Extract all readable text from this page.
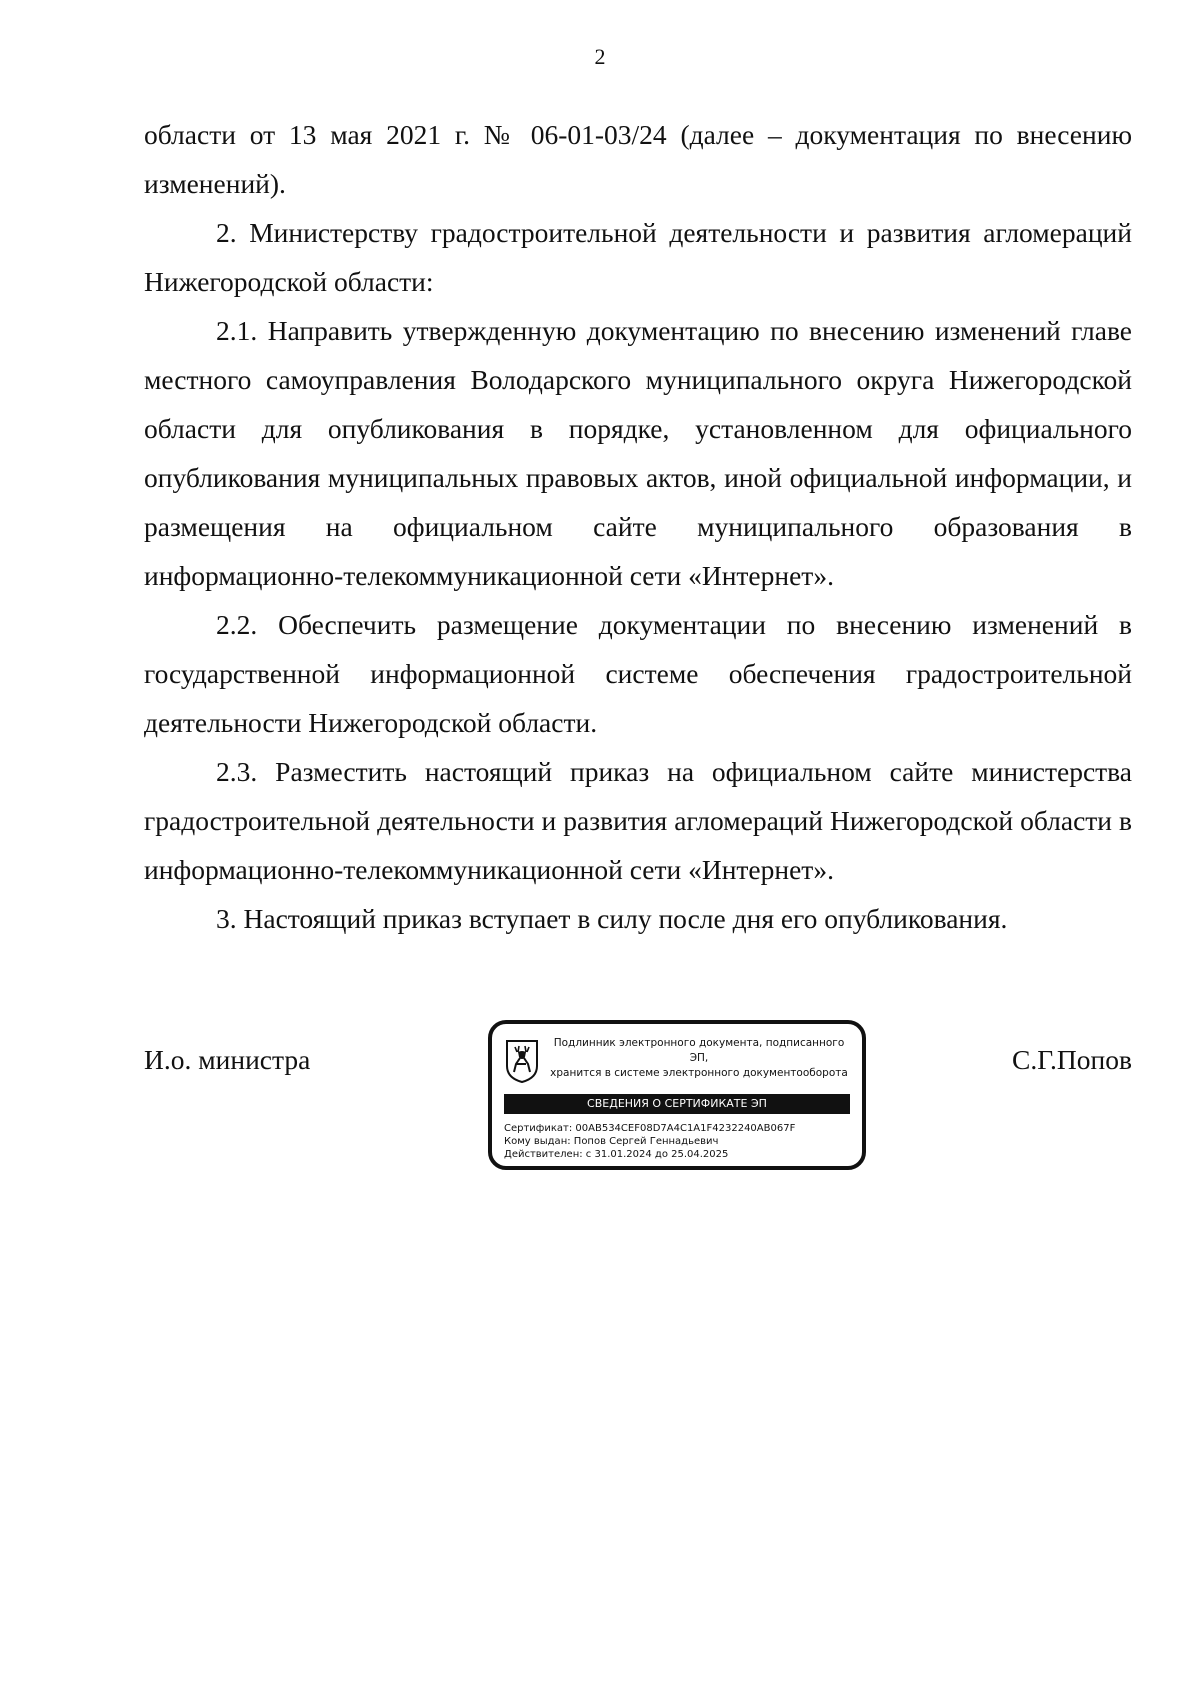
2

области от 13 мая 2021 г. № 06-01-03/24 (далее – документация по внесению изменений).

2. Министерству градостроительной деятельности и развития агломераций Нижегородской области:

2.1. Направить утвержденную документацию по внесению изменений главе местного самоуправления Володарского муниципального округа Нижегородской области для опубликования в порядке, установленном для официального опубликования муниципальных правовых актов, иной официальной информации, и размещения на официальном сайте муниципального образования в информационно-телекоммуникационной сети «Интернет».

2.2. Обеспечить размещение документации по внесению изменений в государственной информационной системе обеспечения градостроительной деятельности Нижегородской области.

2.3. Разместить настоящий приказ на официальном сайте министерства градостроительной деятельности и развития агломераций Нижегородской области в информационно-телекоммуникационной сети «Интернет».

3. Настоящий приказ вступает в силу после дня его опубликования.

И.о. министра
Подлинник электронного документа, подписанного ЭП,
хранится в системе электронного документооборота
СВЕДЕНИЯ О СЕРТИФИКАТЕ ЭП
Сертификат: 00AB534CEF08D7A4C1A1F4232240AB067F
Кому выдан: Попов Сергей Геннадьевич
Действителен: с 31.01.2024 до 25.04.2025
С.Г.Попов
